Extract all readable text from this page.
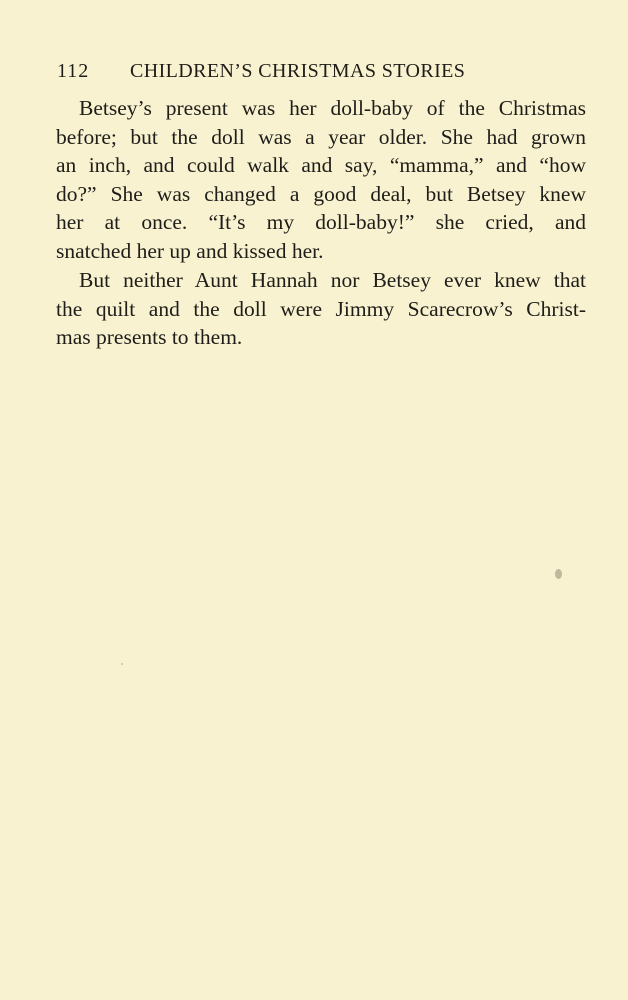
112 CHILDREN’S CHRISTMAS STORIES
Betsey’s present was her doll-baby of the Christmas
before; but the doll was a year older. She had grown
an inch, and could walk and say, “mamma,” and “how
do?” She was changed a good deal, but Betsey knew
her at once. “It’s my doll-baby!” she cried, and
snatched her up and kissed her.
But neither Aunt Hannah nor Betsey ever knew that
the quilt and the doll were Jimmy Scarecrow’s Christ-
mas presents to them.
